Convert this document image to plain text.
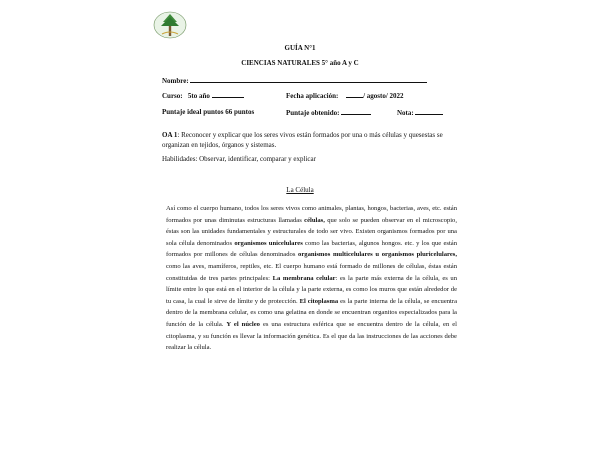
GUÍA N°1
CIENCIAS NATURALES 5° año A y C
Nombre:
Curso: 5to año	Fecha aplicación:	/ agosto/ 2022
Puntaje ideal puntos 66 puntos	Puntaje obtenido:	Nota:
OA 1: Reconocer y explicar que los seres vivos están formados por una o más células y quesestas se organizan en tejidos, órganos y sistemas.
Habilidades: Observar, identificar, comparar y explicar
La Célula
Así como el cuerpo humano, todos los seres vivos como animales, plantas, hongos, bacterias, aves, etc. están formados por unas diminutas estructuras llamadas células, que solo se pueden observar en el microscopio, éstas son las unidades fundamentales y estructurales de todo ser vivo. Existen organismos formados por una sola célula denominados organismos unicelulares como las bacterias, algunos hongos. etc. y los que están formados por millones de células denominados organismos multicelulares u organismos pluricelulares, como las aves, mamíferos, reptiles, etc. El cuerpo humano está formado de millones de células, éstas están constituidas de tres partes principales: La membrana celular: es la parte más externa de la célula, es un límite entre lo que está en el interior de la célula y la parte externa, es como los muros que están alrededor de tu casa, la cual le sirve de límite y de protección. El citoplasma es la parte interna de la célula, se encuentra dentro de la membrana celular, es como una gelatina en donde se encuentran organitos especializados para la función de la célula. Y el núcleo es una estructura esférica que se encuentra dentro de la célula, en el citoplasma, y su función es llevar la información genética. Es el que da las instrucciones de las acciones debe realizar la célula.
